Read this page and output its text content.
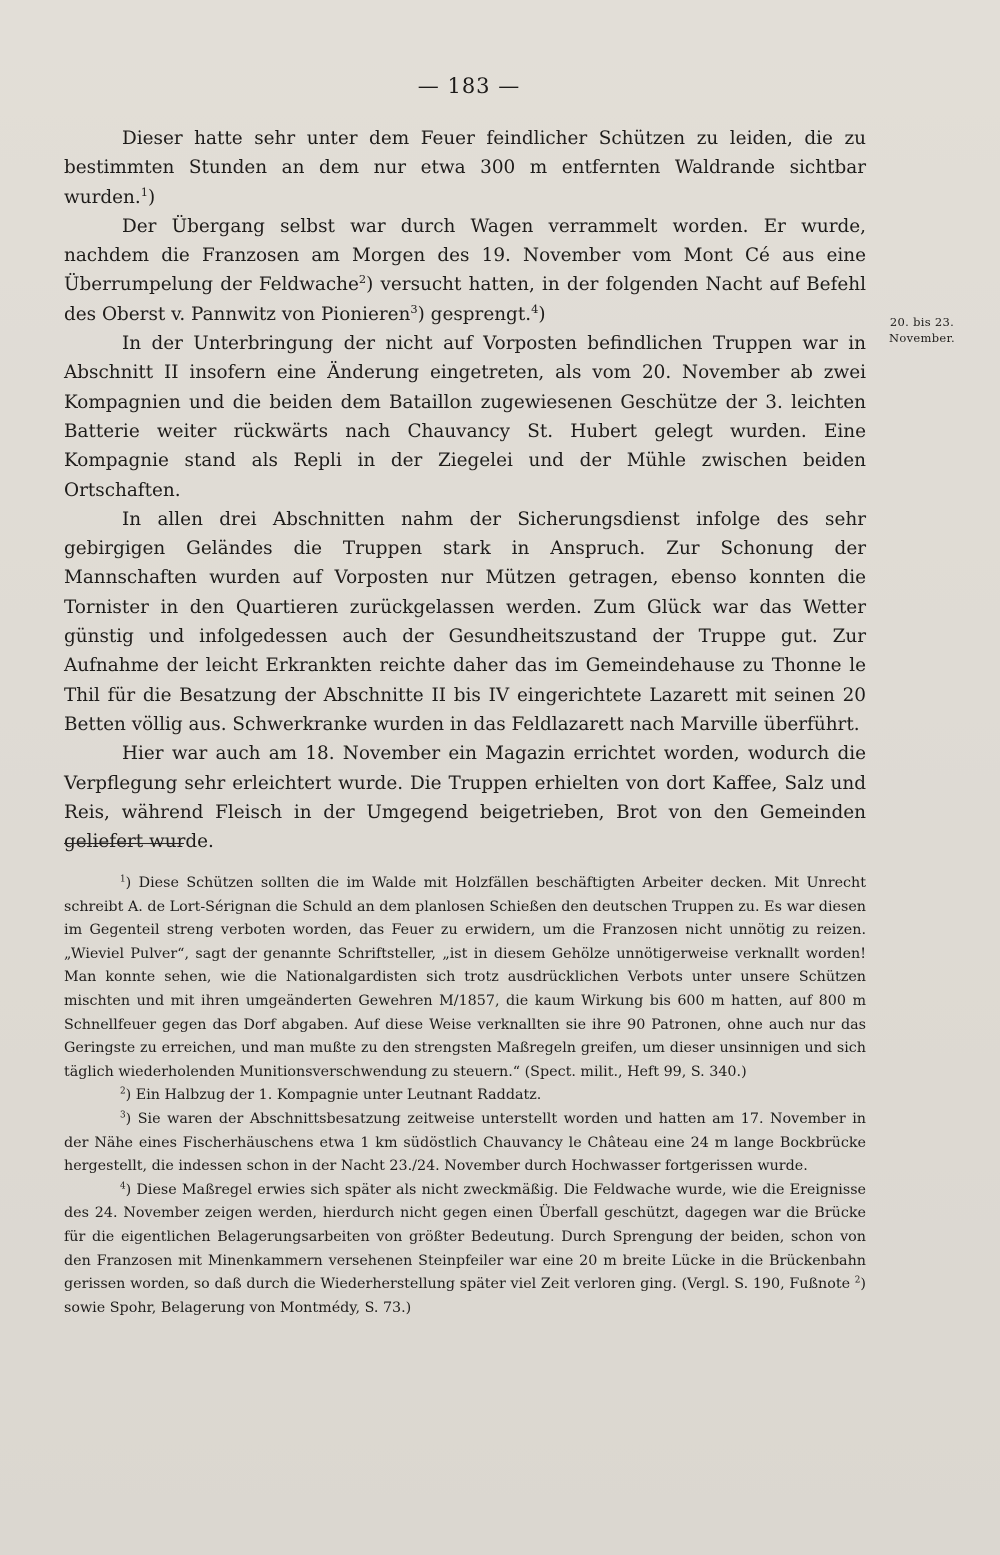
— 183 —

Dieser hatte sehr unter dem Feuer feindlicher Schützen zu leiden, die zu bestimmten Stunden an dem nur etwa 300 m entfernten Waldrande sichtbar wurden.$^1$)

Der Übergang selbst war durch Wagen verrammelt worden. Er wurde, nachdem die Franzosen am Morgen des 19. November vom Mont Cé aus eine Überrumpelung der Feldwache$^2$) versucht hatten, in der folgenden Nacht auf Befehl des Oberst v. Pannwitz von Pionieren$^3$) gesprengt.$^4$)

In der Unterbringung der nicht auf Vorposten befindlichen Truppen war in Abschnitt II insofern eine Änderung eingetreten, als vom 20. November ab zwei Kompagnien und die beiden dem Bataillon zugewiesenen Geschütze der 3. leichten Batterie weiter rückwärts nach Chauvancy St. Hubert gelegt wurden. Eine Kompagnie stand als Repli in der Ziegelei und der Mühle zwischen beiden Ortschaften.

In allen drei Abschnitten nahm der Sicherungsdienst infolge des sehr gebirgigen Geländes die Truppen stark in Anspruch. Zur Schonung der Mannschaften wurden auf Vorposten nur Mützen getragen, ebenso konnten die Tornister in den Quartieren zurückgelassen werden. Zum Glück war das Wetter günstig und infolgedessen auch der Gesundheitszustand der Truppe gut. Zur Aufnahme der leicht Erkrankten reichte daher das im Gemeindehause zu Thonne le Thil für die Besatzung der Abschnitte II bis IV eingerichtete Lazarett mit seinen 20 Betten völlig aus. Schwerkranke wurden in das Feldlazarett nach Marville überführt.

Hier war auch am 18. November ein Magazin errichtet worden, wodurch die Verpflegung sehr erleichtert wurde. Die Truppen erhielten von dort Kaffee, Salz und Reis, während Fleisch in der Umgegend beigetrieben, Brot von den Gemeinden geliefert wurde.

20. bis 23. November.

$^1$) Diese Schützen sollten die im Walde mit Holzfällen beschäftigten Arbeiter decken. Mit Unrecht schreibt A. de Lort-Sérignan die Schuld an dem planlosen Schießen den deutschen Truppen zu. Es war diesen im Gegenteil streng verboten worden, das Feuer zu erwidern, um die Franzosen nicht unnötig zu reizen. „Wieviel Pulver“, sagt der genannte Schriftsteller, „ist in diesem Gehölze unnötigerweise verknallt worden! Man konnte sehen, wie die Nationalgardisten sich trotz ausdrücklichen Verbots unter unsere Schützen mischten und mit ihren umgeänderten Gewehren M/1857, die kaum Wirkung bis 600 m hatten, auf 800 m Schnellfeuer gegen das Dorf abgaben. Auf diese Weise verknallten sie ihre 90 Patronen, ohne auch nur das Geringste zu erreichen, und man mußte zu den strengsten Maßregeln greifen, um dieser unsinnigen und sich täglich wiederholenden Munitionsverschwendung zu steuern.“ (Spect. milit., Heft 99, S. 340.)

$^2$) Ein Halbzug der 1. Kompagnie unter Leutnant Raddatz.

$^3$) Sie waren der Abschnittsbesatzung zeitweise unterstellt worden und hatten am 17. November in der Nähe eines Fischerhäuschens etwa 1 km südöstlich Chauvancy le Château eine 24 m lange Bockbrücke hergestellt, die indessen schon in der Nacht 23./24. November durch Hochwasser fortgerissen wurde.

$^4$) Diese Maßregel erwies sich später als nicht zweckmäßig. Die Feldwache wurde, wie die Ereignisse des 24. November zeigen werden, hierdurch nicht gegen einen Überfall geschützt, dagegen war die Brücke für die eigentlichen Belagerungsarbeiten von größter Bedeutung. Durch Sprengung der beiden, schon von den Franzosen mit Minenkammern versehenen Steinpfeiler war eine 20 m breite Lücke in die Brückenbahn gerissen worden, so daß durch die Wiederherstellung später viel Zeit verloren ging. (Vergl. S. 190, Fußnote $^2$) sowie Spohr, Belagerung von Montmédy, S. 73.)
